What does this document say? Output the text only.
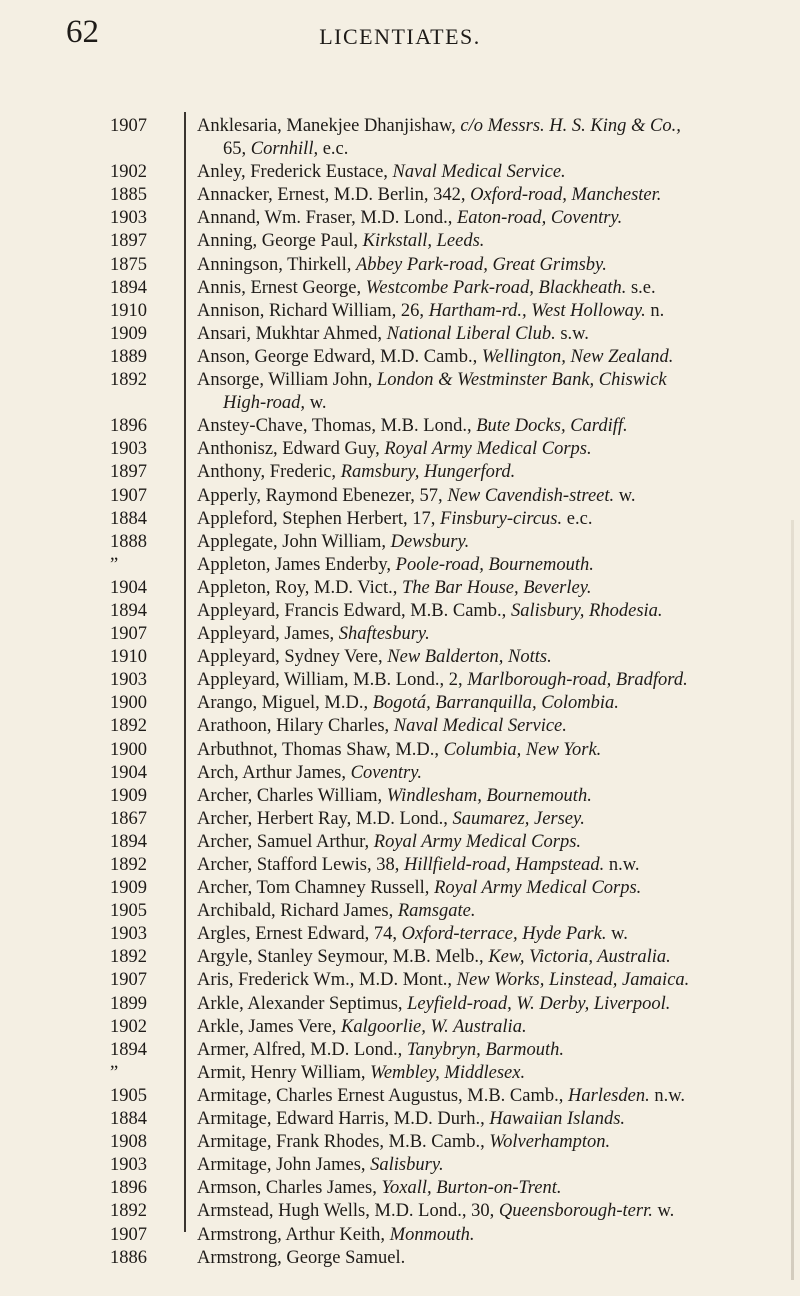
62	LICENTIATES.
1907	Anklesaria, Manekjee Dhanjishaw, c/o Messrs. H. S. King & Co.,
65, Cornhill, e.c.
1902	Anley, Frederick Eustace, Naval Medical Service.
1885	Annacker, Ernest, M.D. Berlin, 342, Oxford-road, Manchester.
1903	Annand, Wm. Fraser, M.D. Lond., Eaton-road, Coventry.
1897	Anning, George Paul, Kirkstall, Leeds.
1875	Anningson, Thirkell, Abbey Park-road, Great Grimsby.
1894	Annis, Ernest George, Westcombe Park-road, Blackheath. s.e.
1910	Annison, Richard William, 26, Hartham-rd., West Holloway. n.
1909	Ansari, Mukhtar Ahmed, National Liberal Club. s.w.
1889	Anson, George Edward, M.D. Camb., Wellington, New Zealand.
1892	Ansorge, William John, London & Westminster Bank, Chiswick
High-road, w.
1896	Anstey-Chave, Thomas, M.B. Lond., Bute Docks, Cardiff.
1903	Anthonisz, Edward Guy, Royal Army Medical Corps.
1897	Anthony, Frederic, Ramsbury, Hungerford.
1907	Apperly, Raymond Ebenezer, 57, New Cavendish-street. w.
1884	Appleford, Stephen Herbert, 17, Finsbury-circus. e.c.
1888	Applegate, John William, Dewsbury.
”	Appleton, James Enderby, Poole-road, Bournemouth.
1904	Appleton, Roy, M.D. Vict., The Bar House, Beverley.
1894	Appleyard, Francis Edward, M.B. Camb., Salisbury, Rhodesia.
1907	Appleyard, James, Shaftesbury.
1910	Appleyard, Sydney Vere, New Balderton, Notts.
1903	Appleyard, William, M.B. Lond., 2, Marlborough-road, Bradford.
1900	Arango, Miguel, M.D., Bogotá, Barranquilla, Colombia.
1892	Arathoon, Hilary Charles, Naval Medical Service.
1900	Arbuthnot, Thomas Shaw, M.D., Columbia, New York.
1904	Arch, Arthur James, Coventry.
1909	Archer, Charles William, Windlesham, Bournemouth.
1867	Archer, Herbert Ray, M.D. Lond., Saumarez, Jersey.
1894	Archer, Samuel Arthur, Royal Army Medical Corps.
1892	Archer, Stafford Lewis, 38, Hillfield-road, Hampstead. n.w.
1909	Archer, Tom Chamney Russell, Royal Army Medical Corps.
1905	Archibald, Richard James, Ramsgate.
1903	Argles, Ernest Edward, 74, Oxford-terrace, Hyde Park. w.
1892	Argyle, Stanley Seymour, M.B. Melb., Kew, Victoria, Australia.
1907	Aris, Frederick Wm., M.D. Mont., New Works, Linstead, Jamaica.
1899	Arkle, Alexander Septimus, Leyfield-road, W. Derby, Liverpool.
1902	Arkle, James Vere, Kalgoorlie, W. Australia.
1894	Armer, Alfred, M.D. Lond., Tanybryn, Barmouth.
”	Armit, Henry William, Wembley, Middlesex.
1905	Armitage, Charles Ernest Augustus, M.B. Camb., Harlesden. n.w.
1884	Armitage, Edward Harris, M.D. Durh., Hawaiian Islands.
1908	Armitage, Frank Rhodes, M.B. Camb., Wolverhampton.
1903	Armitage, John James, Salisbury.
1896	Armson, Charles James, Yoxall, Burton-on-Trent.
1892	Armstead, Hugh Wells, M.D. Lond., 30, Queensborough-terr. w.
1907	Armstrong, Arthur Keith, Monmouth.
1886	Armstrong, George Samuel.
